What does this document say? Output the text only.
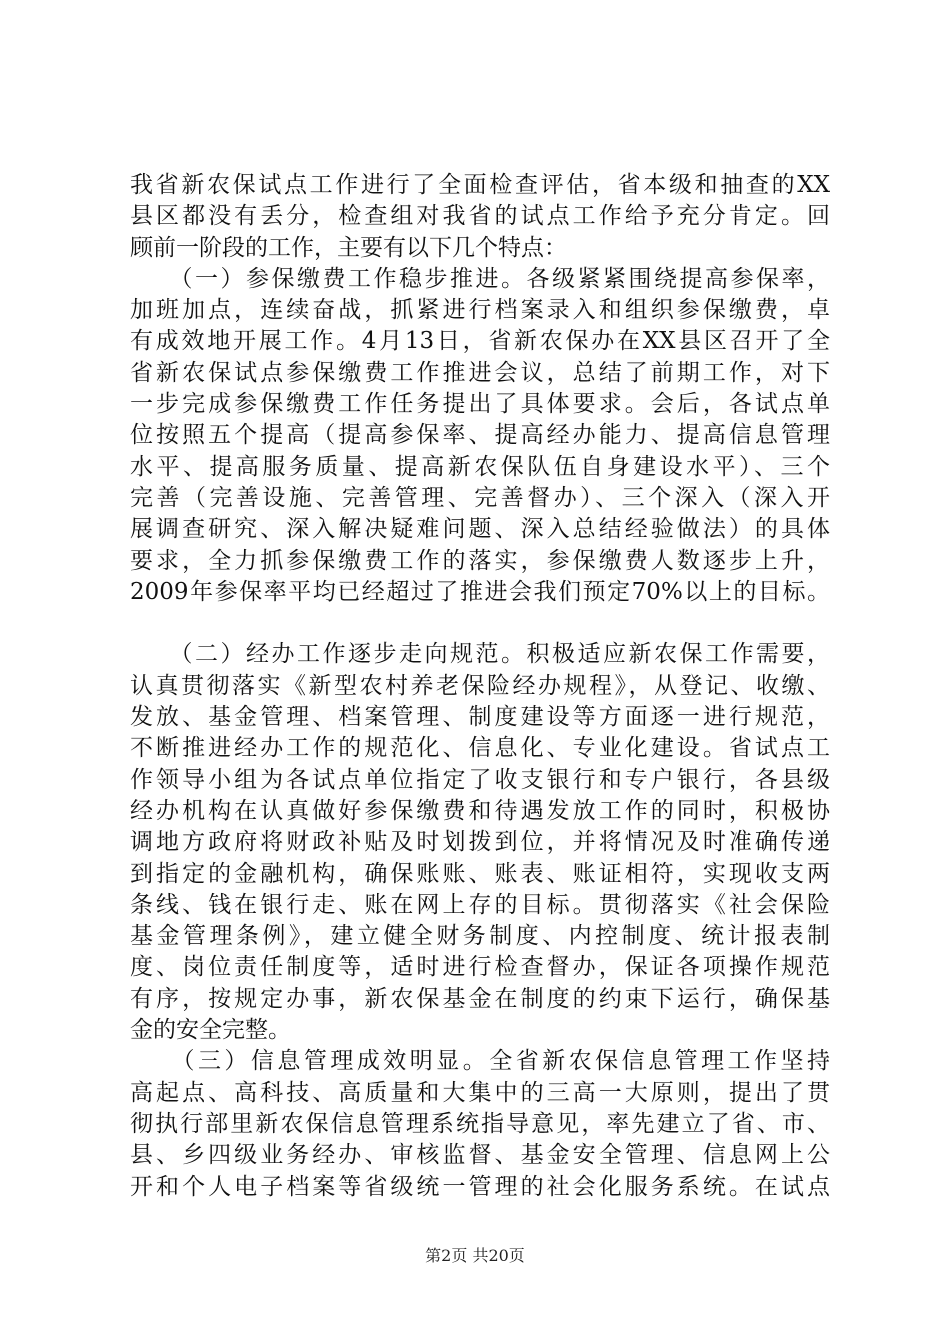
我省新农保试点工作进行了全面检查评估，省本级和抽查的XX
县区都没有丢分，检查组对我省的试点工作给予充分肯定。回
顾前一阶段的工作，主要有以下几个特点：
　　（一）参保缴费工作稳步推进。各级紧紧围绕提高参保率，
加班加点，连续奋战，抓紧进行档案录入和组织参保缴费，卓
有成效地开展工作。4月13日，省新农保办在XX县区召开了全
省新农保试点参保缴费工作推进会议，总结了前期工作，对下
一步完成参保缴费工作任务提出了具体要求。会后，各试点单
位按照五个提高（提高参保率、提高经办能力、提高信息管理
水平、提高服务质量、提高新农保队伍自身建设水平）、三个
完善（完善设施、完善管理、完善督办）、三个深入（深入开
展调查研究、深入解决疑难问题、深入总结经验做法）的具体
要求，全力抓参保缴费工作的落实，参保缴费人数逐步上升，
2009年参保率平均已经超过了推进会我们预定70%以上的目标。
　　（二）经办工作逐步走向规范。积极适应新农保工作需要，
认真贯彻落实《新型农村养老保险经办规程》，从登记、收缴、
发放、基金管理、档案管理、制度建设等方面逐一进行规范，
不断推进经办工作的规范化、信息化、专业化建设。省试点工
作领导小组为各试点单位指定了收支银行和专户银行，各县级
经办机构在认真做好参保缴费和待遇发放工作的同时，积极协
调地方政府将财政补贴及时划拨到位，并将情况及时准确传递
到指定的金融机构，确保账账、账表、账证相符，实现收支两
条线、钱在银行走、账在网上存的目标。贯彻落实《社会保险
基金管理条例》，建立健全财务制度、内控制度、统计报表制
度、岗位责任制度等，适时进行检查督办，保证各项操作规范
有序，按规定办事，新农保基金在制度的约束下运行，确保基
金的安全完整。
　　（三）信息管理成效明显。全省新农保信息管理工作坚持
高起点、高科技、高质量和大集中的三高一大原则，提出了贯
彻执行部里新农保信息管理系统指导意见，率先建立了省、市、
县、乡四级业务经办、审核监督、基金安全管理、信息网上公
开和个人电子档案等省级统一管理的社会化服务系统。在试点
第2页 共20页
